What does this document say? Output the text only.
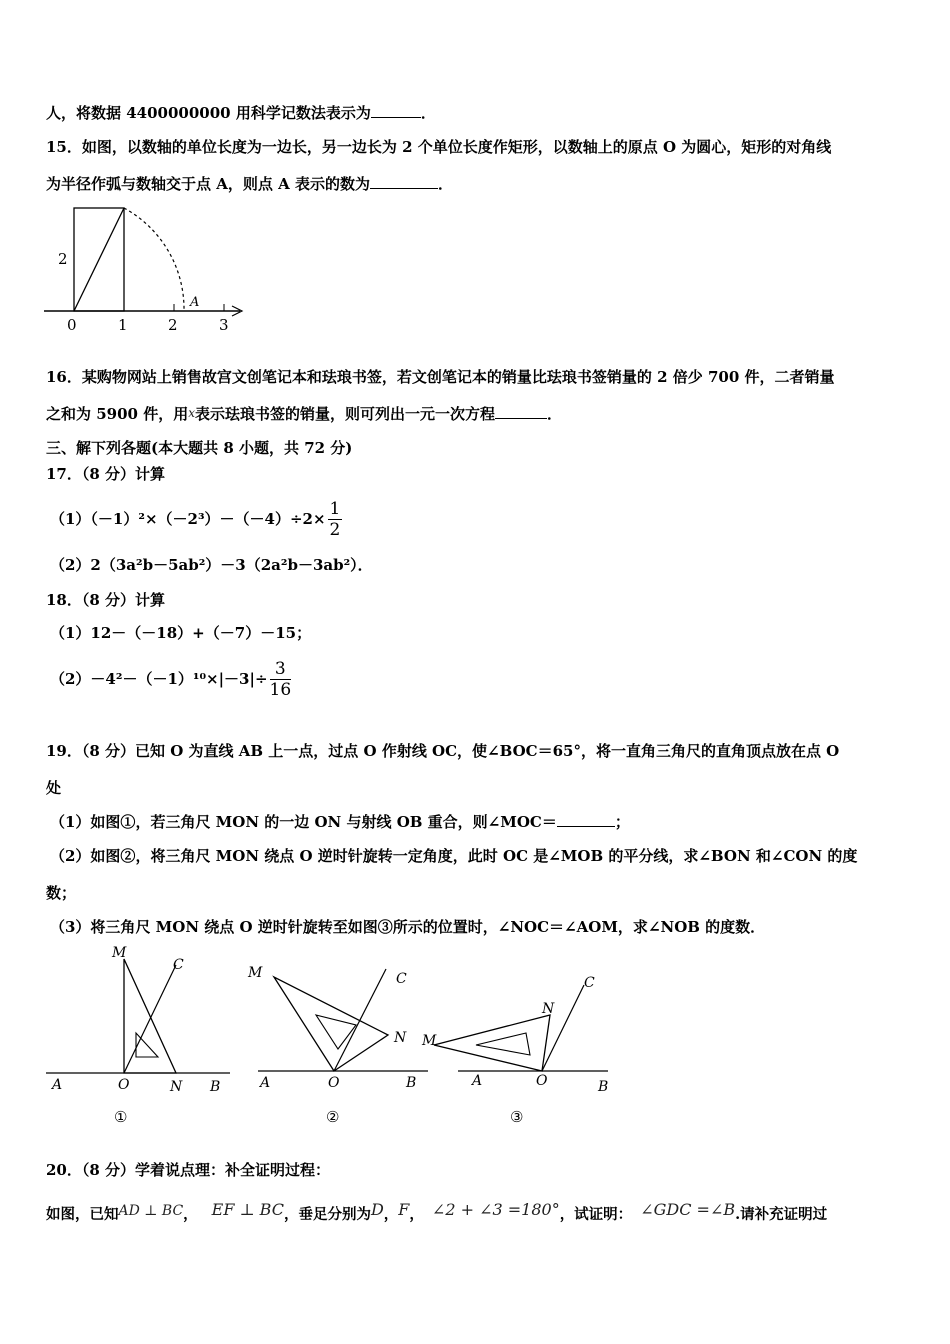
人，将数据 4400000000 用科学记数法表示为	．
15．如图，以数轴的单位长度为一边长，另一边长为 2 个单位长度作矩形，以数轴上的原点 O 为圆心，矩形的对角线
为半径作弧与数轴交于点 A，则点 A 表示的数为	．
2
A
0	1	2	3
16．某购物网站上销售故宫文创笔记本和珐琅书签，若文创笔记本的销量比珐琅书签销量的 2 倍少 700 件，二者销量
之和为 5900 件，用x表示珐琅书签的销量，则可列出一元一次方程	．
三、解下列各题(本大题共 8 小题，共 72 分)
17．（8 分）计算
$(1)(-1)^2\times(-2^3)-(-4)\div 2\times \frac{1}{2}$
（2）2（3a²b－5ab²）－3（2a²b－3ab²）．
18．（8 分）计算
（1）12－（－18）+（－7）－15；
$(2)-4^2-(-1)^{10}\times|-3|\div \frac{3}{16}$
19．（8 分）已知 O 为直线 AB 上一点，过点 O 作射线 OC，使∠BOC＝65°，将一直角三角尺的直角顶点放在点 O
处
（1）如图①，若三角尺 MON 的一边 ON 与射线 OB 重合，则∠MOC＝	；
（2）如图②，将三角尺 MON 绕点 O 逆时针旋转一定角度，此时 OC 是∠MOB 的平分线，求∠BON 和∠CON 的度
数；
（3）将三角尺 MON 绕点 O 逆时针旋转至如图③所示的位置时，∠NOC＝∠AOM，求∠NOB 的度数．
M
C
A	O	N B
①
M	C
N
A	O	B
②
M
C
N
A	O	B
③
20．（8 分）学着说点理：补全证明过程：
如图，已知AD ⊥ BC， EF ⊥ BC，垂足分别为D，F， ∠2 + ∠3 =180°，试证明： ∠GDC =∠B.请补充证明过
